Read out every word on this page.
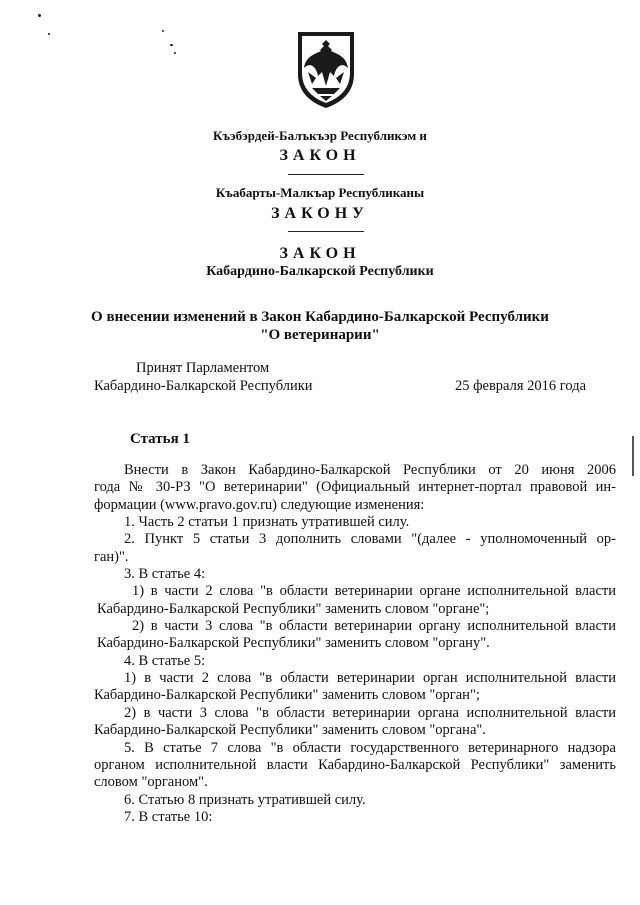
Къэбэрдей-Балъкъэр Республикэм и
ЗАКОН
Къабарты-Малкъар Республиканы
ЗАКОНУ
ЗАКОН
Кабардино-Балкарской Республики
О внесении изменений в Закон Кабардино-Балкарской Республики
"О ветеринарии"
Принят Парламентом
Кабардино-Балкарской Республики	25 февраля 2016 года
Статья 1
Внести в Закон Кабардино-Балкарской Республики от 20 июня 2006
года № 30-РЗ "О ветеринарии" (Официальный интернет-портал правовой ин-
формации (www.pravo.gov.ru) следующие изменения:
1. Часть 2 статьи 1 признать утратившей силу.
2. Пункт 5 статьи 3 дополнить словами "(далее - уполномоченный ор-
ган)".
3. В статье 4:
1) в части 2 слова "в области ветеринарии органе исполнительной власти
Кабардино-Балкарской Республики" заменить словом "органе";
2) в части 3 слова "в области ветеринарии органу исполнительной власти
Кабардино-Балкарской Республики" заменить словом "органу".
4. В статье 5:
1) в части 2 слова "в области ветеринарии орган исполнительной власти
Кабардино-Балкарской Республики" заменить словом "орган";
2) в части 3 слова "в области ветеринарии органа исполнительной власти
Кабардино-Балкарской Республики" заменить словом "органа".
5. В статье 7 слова "в области государственного ветеринарного надзора
органом исполнительной власти Кабардино-Балкарской Республики" заменить
словом "органом".
6. Статью 8 признать утратившей силу.
7. В статье 10:
